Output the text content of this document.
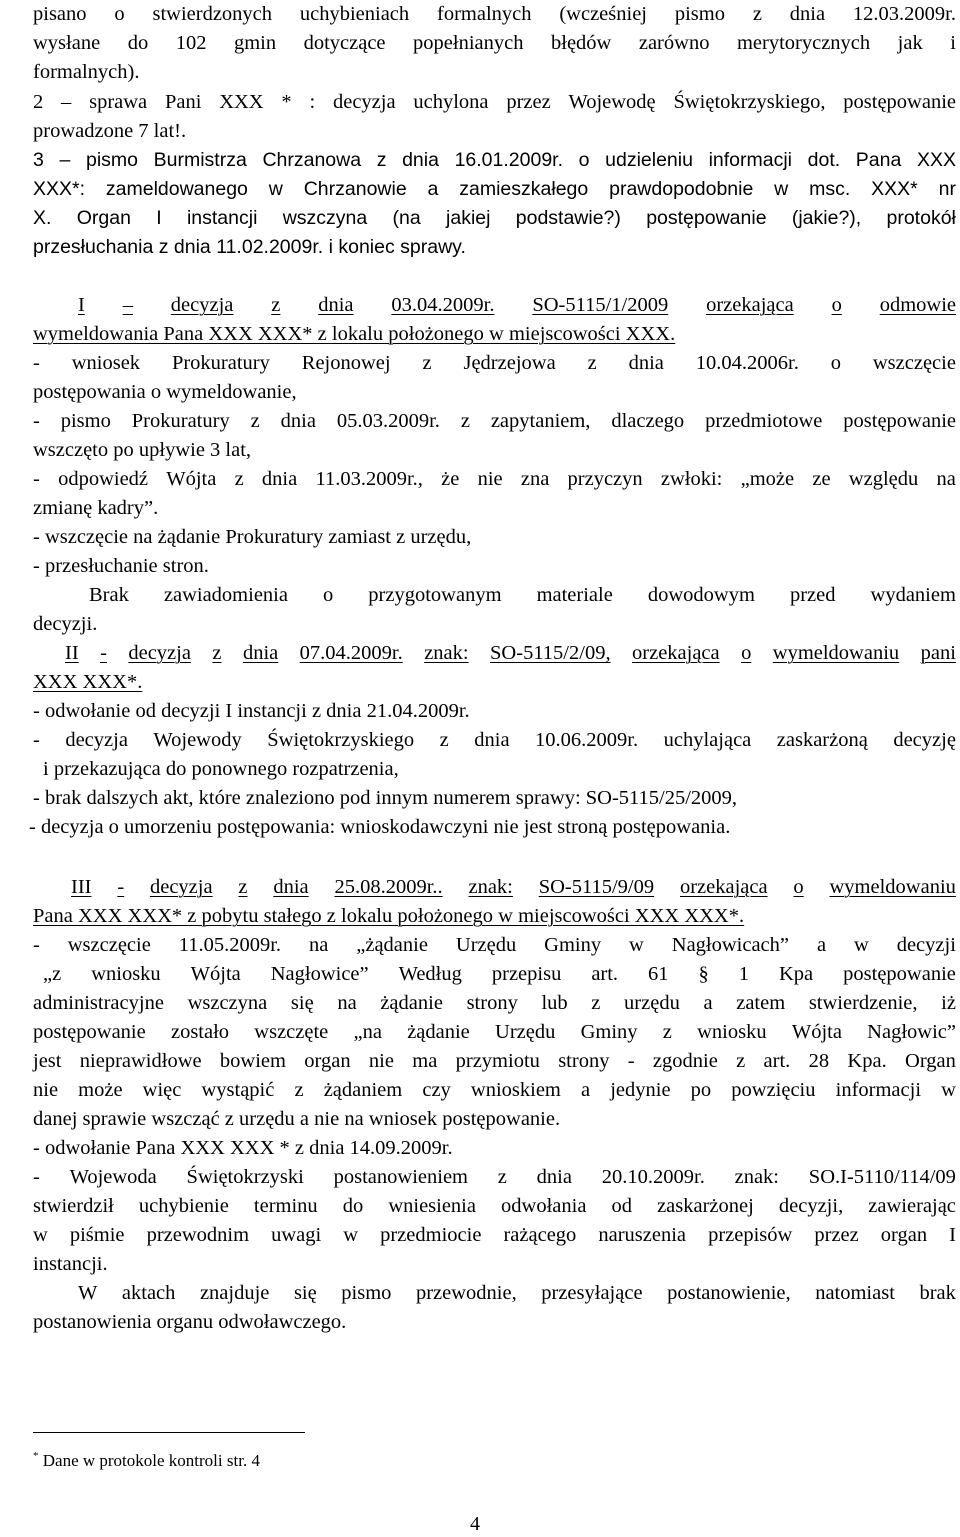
pisano o stwierdzonych uchybieniach formalnych (wcześniej pismo z dnia 12.03.2009r.
wysłane do 102 gmin dotyczące popełnianych błędów zarówno merytorycznych jak i
formalnych).
2 – sprawa Pani XXX * : decyzja uchylona przez Wojewodę Świętokrzyskiego, postępowanie
prowadzone 7 lat!.
3 – pismo Burmistrza Chrzanowa z dnia 16.01.2009r. o udzieleniu informacji dot. Pana XXX
XXX*: zameldowanego w Chrzanowie a zamieszkałego prawdopodobnie w msc. XXX* nr
X. Organ I instancji wszczyna (na jakiej podstawie?) postępowanie (jakie?), protokół
przesłuchania z dnia 11.02.2009r. i koniec sprawy.
I – decyzja z dnia 03.04.2009r. SO-5115/1/2009 orzekająca o odmowie
wymeldowania Pana XXX XXX* z lokalu położonego w miejscowości XXX.
- wniosek Prokuratury Rejonowej z Jędrzejowa z dnia 10.04.2006r. o wszczęcie
postępowania o wymeldowanie,
- pismo Prokuratury z dnia 05.03.2009r. z zapytaniem, dlaczego przedmiotowe postępowanie
wszczęto po upływie 3 lat,
- odpowiedź Wójta z dnia 11.03.2009r., że nie zna przyczyn zwłoki: „może ze względu na
zmianę kadry”.
- wszczęcie na żądanie Prokuratury zamiast z urzędu,
- przesłuchanie stron.
Brak zawiadomienia o przygotowanym materiale dowodowym przed wydaniem
decyzji.
II - decyzja z dnia 07.04.2009r. znak: SO-5115/2/09, orzekająca o wymeldowaniu pani
XXX XXX*.
- odwołanie od decyzji I instancji z dnia 21.04.2009r.
- decyzja Wojewody Świętokrzyskiego z dnia 10.06.2009r. uchylająca zaskarżoną decyzję
i przekazująca do ponownego rozpatrzenia,
- brak dalszych akt, które znaleziono pod innym numerem sprawy: SO-5115/25/2009,
- decyzja o umorzeniu postępowania: wnioskodawczyni nie jest stroną postępowania.
III - decyzja z dnia 25.08.2009r.. znak: SO-5115/9/09 orzekająca o wymeldowaniu
Pana XXX XXX* z pobytu stałego z lokalu położonego w miejscowości XXX XXX*.
- wszczęcie 11.05.2009r. na „żądanie Urzędu Gminy w Nagłowicach” a w decyzji
„z wniosku Wójta Nagłowice” Według przepisu art. 61 § 1 Kpa postępowanie
administracyjne wszczyna się na żądanie strony lub z urzędu a zatem stwierdzenie, iż
postępowanie zostało wszczęte „na żądanie Urzędu Gminy z wniosku Wójta Nagłowic”
jest nieprawidłowe bowiem organ nie ma przymiotu strony - zgodnie z art. 28 Kpa. Organ
nie może więc wystąpić z żądaniem czy wnioskiem a jedynie po powzięciu informacji w
danej sprawie wszcząć z urzędu a nie na wniosek postępowanie.
- odwołanie Pana XXX XXX * z dnia 14.09.2009r.
- Wojewoda Świętokrzyski postanowieniem z dnia 20.10.2009r. znak: SO.I-5110/114/09
stwierdził uchybienie terminu do wniesienia odwołania od zaskarżonej decyzji, zawierając
w piśmie przewodnim uwagi w przedmiocie rażącego naruszenia przepisów przez organ I
instancji.
W aktach znajduje się pismo przewodnie, przesyłające postanowienie, natomiast brak
postanowienia organu odwoławczego.
* Dane w protokole kontroli str. 4
4
